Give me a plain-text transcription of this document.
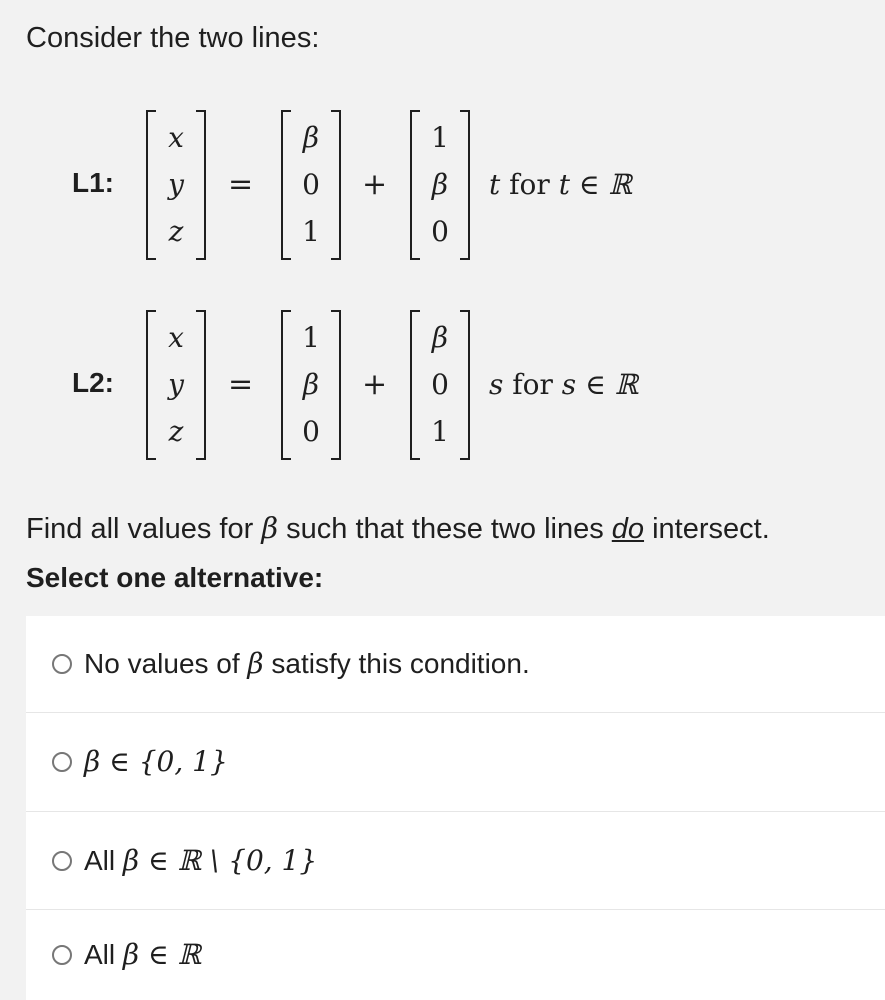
Consider the two lines:
L1:
x
y
z
=
β
0
1
+
1
β
0
t for t ∈ ℝ
L2:
x
y
z
=
1
β
0
+
β
0
1
s for s ∈ ℝ
Find all values for β such that these two lines do intersect.
Select one alternative:
No values of β satisfy this condition.
β ∈ {0, 1}
All β ∈ ℝ \ {0, 1}
All β ∈ ℝ
